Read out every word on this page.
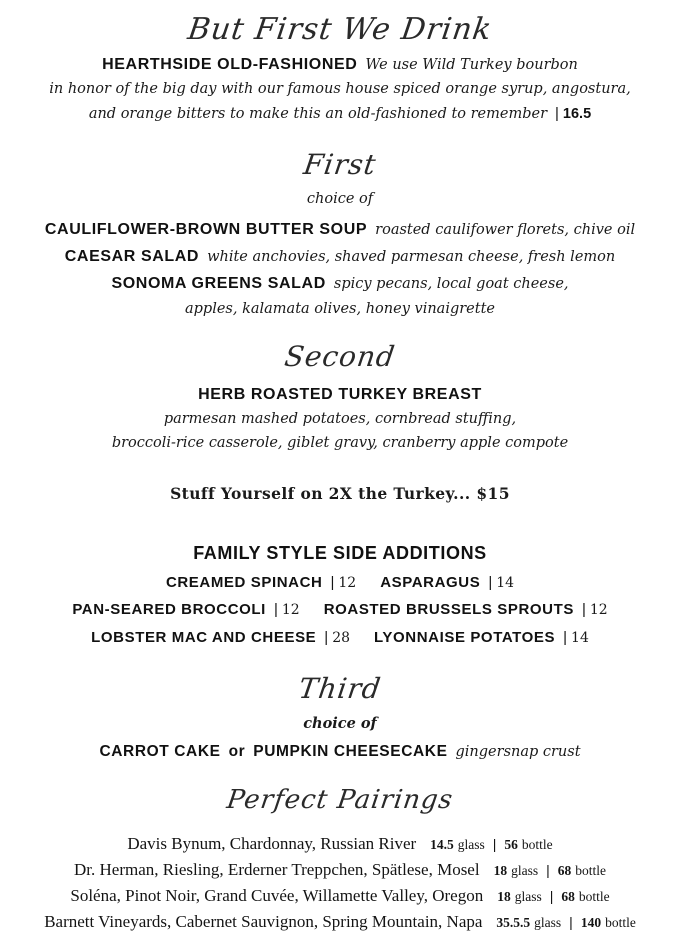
But First We Drink
HEARTHSIDE OLD-FASHIONED We use Wild Turkey bourbon
in honor of the big day with our famous house spiced orange syrup, angostura,
and orange bitters to make this an old-fashioned to remember | 16.5
First
choice of
CAULIFLOWER-BROWN BUTTER SOUP roasted caulifower florets, chive oil
CAESAR SALAD white anchovies, shaved parmesan cheese, fresh lemon
SONOMA GREENS SALAD spicy pecans, local goat cheese,
apples, kalamata olives, honey vinaigrette
Second
HERB ROASTED TURKEY BREAST
parmesan mashed potatoes, cornbread stuffing,
broccoli-rice casserole, giblet gravy, cranberry apple compote
Stuff Yourself on 2X the Turkey... $15
FAMILY STYLE SIDE ADDITIONS
CREAMED SPINACH | 12 ASPARAGUS | 14
PAN-SEARED BROCCOLI | 12 ROASTED BRUSSELS SPROUTS | 12
LOBSTER MAC AND CHEESE | 28 LYONNAISE POTATOES | 14
Third
choice of
CARROT CAKE or PUMPKIN CHEESECAKE gingersnap crust
Perfect Pairings
Davis Bynum, Chardonnay, Russian River 14.5 glass | 56 bottle
Dr. Herman, Riesling, Erderner Treppchen, Spätlese, Mosel 18 glass | 68 bottle
Soléna, Pinot Noir, Grand Cuvée, Willamette Valley, Oregon 18 glass | 68 bottle
Barnett Vineyards, Cabernet Sauvignon, Spring Mountain, Napa 35.5.5 glass | 140 bottle
